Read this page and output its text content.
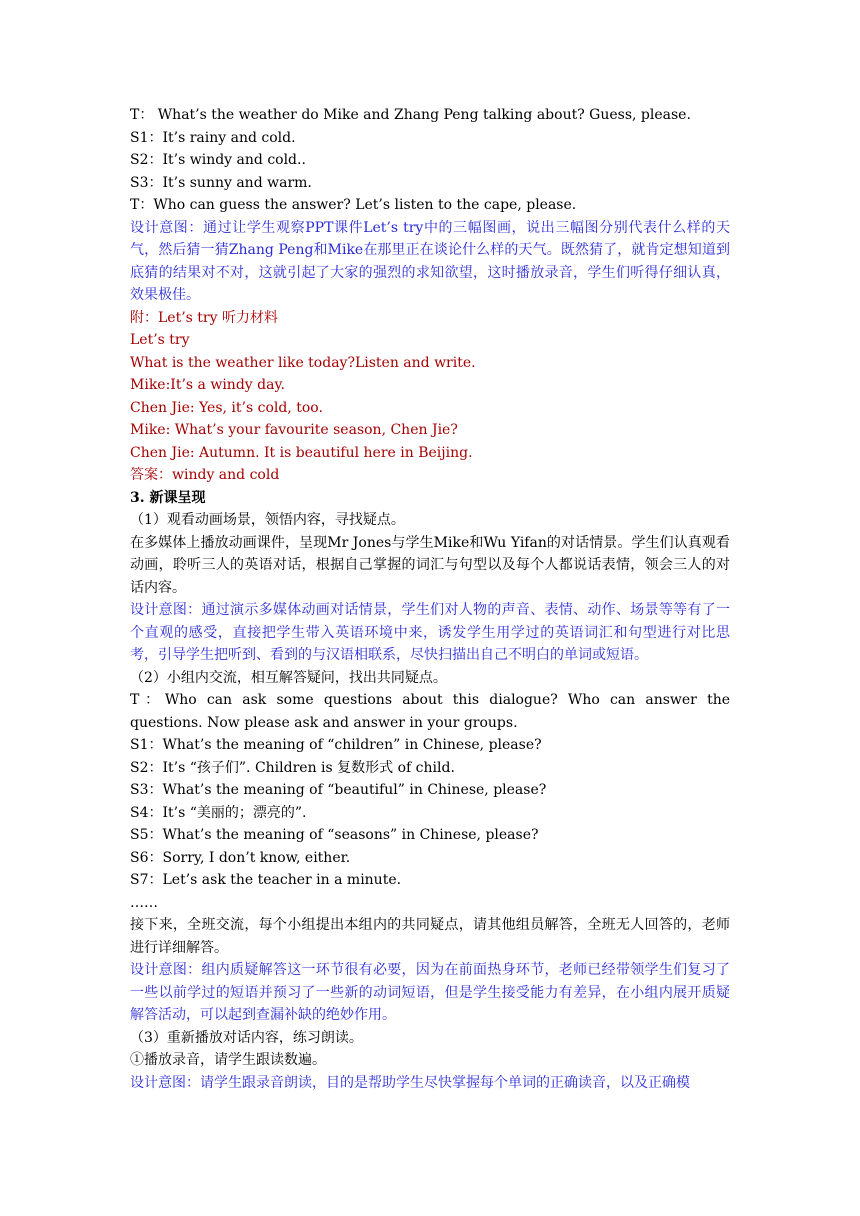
T： What’s the weather do Mike and Zhang Peng talking about? Guess, please.

S1：It’s rainy and cold.

S2：It’s windy and cold..

S3：It’s sunny and warm.

T：Who can guess the answer? Let’s listen to the cape, please.

设计意图：通过让学生观察PPT课件Let’s try中的三幅图画，说出三幅图分别代表什么样的天气，然后猜一猜Zhang Peng和Mike在那里正在谈论什么样的天气。既然猜了，就肯定想知道到底猜的结果对不对，这就引起了大家的强烈的求知欲望，这时播放录音，学生们听得仔细认真，效果极佳。

附：Let’s try 听力材料

Let’s try

What is the weather like today?Listen and write.

Mike:It’s a windy day.

Chen Jie: Yes, it’s cold, too.

Mike: What’s your favourite season, Chen Jie?

Chen Jie: Autumn. It is beautiful here in Beijing.

答案：windy and cold

3. 新课呈现

（1）观看动画场景，领悟内容，寻找疑点。

在多媒体上播放动画课件，呈现Mr Jones与学生Mike和Wu Yifan的对话情景。学生们认真观看动画，聆听三人的英语对话，根据自己掌握的词汇与句型以及每个人都说话表情，领会三人的对话内容。

设计意图：通过演示多媒体动画对话情景，学生们对人物的声音、表情、动作、场景等等有了一个直观的感受，直接把学生带入英语环境中来，诱发学生用学过的英语词汇和句型进行对比思考，引导学生把听到、看到的与汉语相联系，尽快扫描出自己不明白的单词或短语。

（2）小组内交流，相互解答疑问，找出共同疑点。

T：Who can ask some questions about this dialogue? Who can answer the questions. Now please ask and answer in your groups.

S1：What’s the meaning of “children” in Chinese, please?

S2：It’s “孩子们”. Children is 复数形式 of child.

S3：What’s the meaning of “beautiful” in Chinese, please?

S4：It’s “美丽的；漂亮的”.

S5：What’s the meaning of “seasons” in Chinese, please?

S6：Sorry, I don’t know, either.

S7：Let’s ask the teacher in a minute.

……

接下来，全班交流，每个小组提出本组内的共同疑点，请其他组员解答，全班无人回答的，老师进行详细解答。

设计意图：组内质疑解答这一环节很有必要，因为在前面热身环节，老师已经带领学生们复习了一些以前学过的短语并预习了一些新的动词短语，但是学生接受能力有差异，在小组内展开质疑解答活动，可以起到查漏补缺的绝妙作用。

（3）重新播放对话内容，练习朗读。

①播放录音，请学生跟读数遍。

设计意图：请学生跟录音朗读，目的是帮助学生尽快掌握每个单词的正确读音，以及正确模
